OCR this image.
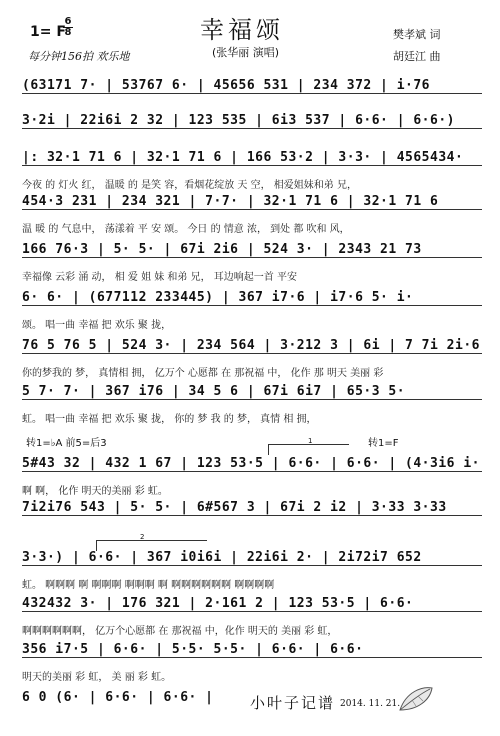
1= F
6
8
每分钟156拍 欢乐地
幸福颂
(张华丽 演唱)
樊孝斌 词
胡廷江 曲
(63171 7· | 53767 6· | 45656 531 | 234 372 | i·76
3·2i | 22i6i 2 32 | 123 535 | 6i3 537 | 6·6· | 6·6·)
|: 32·1 71 6 | 32·1 71 6 | 166 53·2 | 3·3· | 4565434·
今夜 的 灯火 红， 温暖 的 是笑 容，看烟花绽放 天 空， 相爱姐妹和弟 兄，
454·3 231 | 234 321 | 7·7· | 32·1 71 6 | 32·1 71 6
温 暖 的 气息中， 荡漾着 平 安 颂。 今日 的 情意 浓， 到处 都 吹和 风，
166 76·3 | 5· 5· | 67i 2i6 | 524 3· | 2343 21 73
幸福像 云彩 涌 动， 相 爱 姐 妹 和弟 兄， 耳边响起一首 平安
6· 6· | (677112 233445) | 367 i7·6 | i7·6 5· i·
颂。 唱一曲 幸福 把 欢乐 聚 拢，
76 5 76 5 | 524 3· | 234 564 | 3·212 3 | 6i | 7 7i 2i·6
你的梦我的 梦， 真情相 拥， 亿万个 心愿都 在 那祝福 中， 化作 那 明天 美丽 彩
5 7· 7· | 367 i76 | 34 5 6 | 67i 6i7 | 65·3 5·
虹。 唱一曲 幸福 把 欢乐 聚 拢， 你的 梦 我 的 梦， 真情 相 拥，
转1=♭A 前5=后3	转1=F
1
5#43 32 | 432 1 67 | 123 53·5 | 6·6· | 6·6· | (4·3i6 i·
啊 啊， 化作 明天的美丽 彩 虹。
7i2i76 543 | 5· 5· | 6#567 3 | 67i 2 i2 | 3·33 3·33
2
3·3·) | 6·6· | 367 i0i6i | 22i6i 2· | 2i72i7 652
虹。 啊啊啊 啊 啊啊啊 啊啊啊 啊 啊啊啊啊啊啊 啊啊啊啊
432432 3· | 176 321 | 2·161 2 | 123 53·5 | 6·6·
啊啊啊啊啊啊， 亿万个心愿都 在 那祝福 中，化作 明天的 美丽 彩 虹，
356 i7·5 | 6·6· | 5·5· 5·5· | 6·6· | 6·6·
明天的美丽 彩 虹， 美 丽 彩 虹。
6 0 (6· | 6·6· | 6·6· |	小叶子记谱 2014. 11. 21.
